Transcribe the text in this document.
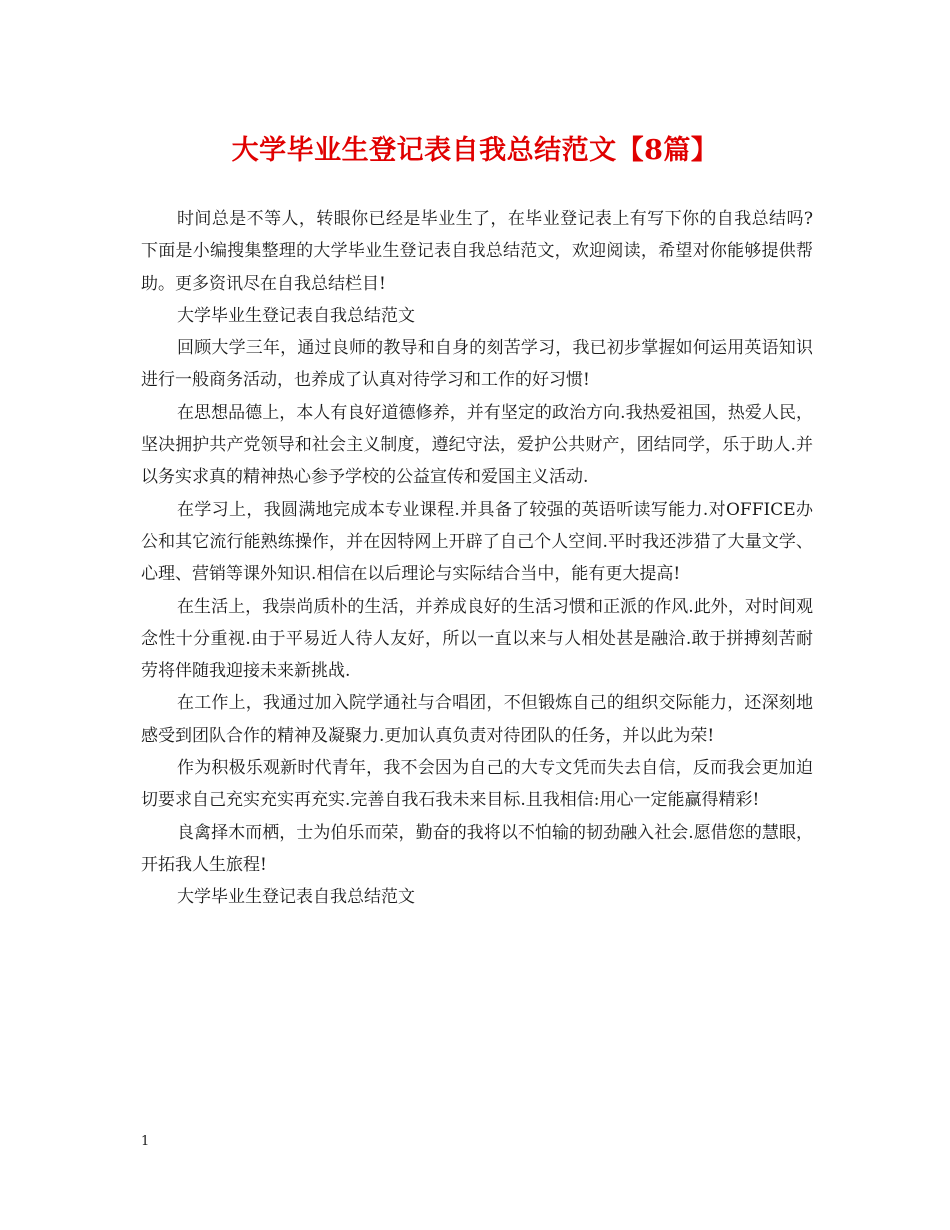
大学毕业生登记表自我总结范文【8篇】

时间总是不等人，转眼你已经是毕业生了，在毕业登记表上有写下你的自我总结吗?下面是小编搜集整理的大学毕业生登记表自我总结范文，欢迎阅读，希望对你能够提供帮助。更多资讯尽在自我总结栏目!

大学毕业生登记表自我总结范文

回顾大学三年，通过良师的教导和自身的刻苦学习，我已初步掌握如何运用英语知识进行一般商务活动，也养成了认真对待学习和工作的好习惯!

在思想品德上，本人有良好道德修养，并有坚定的政治方向.我热爱祖国，热爱人民，坚决拥护共产党领导和社会主义制度，遵纪守法，爱护公共财产，团结同学，乐于助人.并以务实求真的精神热心参予学校的公益宣传和爱国主义活动.

在学习上，我圆满地完成本专业课程.并具备了较强的英语听读写能力.对OFFICE办公和其它流行能熟练操作，并在因特网上开辟了自己个人空间.平时我还涉猎了大量文学、心理、营销等课外知识.相信在以后理论与实际结合当中，能有更大提高!

在生活上，我崇尚质朴的生活，并养成良好的生活习惯和正派的作风.此外，对时间观念性十分重视.由于平易近人待人友好，所以一直以来与人相处甚是融洽.敢于拼搏刻苦耐劳将伴随我迎接未来新挑战.

在工作上，我通过加入院学通社与合唱团，不但锻炼自己的组织交际能力，还深刻地感受到团队合作的精神及凝聚力.更加认真负责对待团队的任务，并以此为荣!

作为积极乐观新时代青年，我不会因为自己的大专文凭而失去自信，反而我会更加迫切要求自己充实充实再充实.完善自我石我未来目标.且我相信:用心一定能赢得精彩!

良禽择木而栖，士为伯乐而荣，勤奋的我将以不怕输的韧劲融入社会.愿借您的慧眼，开拓我人生旅程!

大学毕业生登记表自我总结范文

1
